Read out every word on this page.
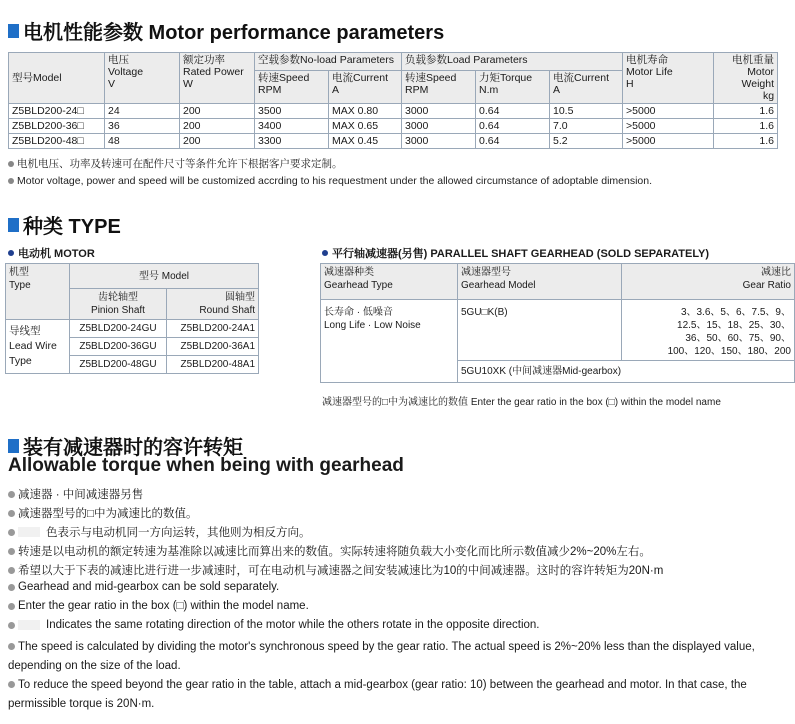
电机性能参数 Motor performance parameters
型号Model	电压
Voltage
V	额定功率
Rated Power
W	空载参数No-load Parameters		负载参数Load Parameters			电机寿命
Motor Life
H	电机重量
Motor Weight
kg
			转速Speed
RPM	电流Current
A	转速Speed
RPM	力矩Torque
N.m	电流Current
A		
Z5BLD200-24□	24	200	3500	MAX 0.80	3000	0.64	10.5	>5000	1.6
Z5BLD200-36□	36	200	3400	MAX 0.65	3000	0.64	7.0	>5000	1.6
Z5BLD200-48□	48	200	3300	MAX 0.45	3000	0.64	5.2	>5000	1.6
电机电压、功率及转速可在配件尺寸等条件允许下根据客户要求定制。
Motor voltage, power and speed will be customized accrding to his requestment under the allowed circumstance of adoptable dimension.
种类 TYPE
电动机 MOTOR
机型
Type	型号 Model	
	齿轮轴型
Pinion Shaft	圆轴型
Round Shaft
导线型
Lead Wire
Type	Z5BLD200-24GU	Z5BLD200-24A1
	Z5BLD200-36GU	Z5BLD200-36A1
	Z5BLD200-48GU	Z5BLD200-48A1
平行轴减速器(另售) PARALLEL SHAFT GEARHEAD (SOLD SEPARATELY)
减速器种类
Gearhead Type	减速器型号
Gearhead Model	减速比
Gear Ratio
长寿命 · 低噪音
Long Life · Low Noise	5GU□K(B)	3、3.6、5、6、7.5、9、
12.5、15、18、25、30、
36、50、60、75、90、
100、120、150、180、200
	5GU10XK (中间减速器Mid-gearbox)	
减速器型号的□中为减速比的数值 Enter the gear ratio in the box (□) within the model name
装有减速器时的容许转矩
Allowable torque when being with gearhead
减速器 · 中间减速器另售
减速器型号的□中为减速比的数值。
色表示与电动机同一方向运转，其他则为相反方向。
转速是以电动机的额定转速为基准除以减速比而算出来的数值。实际转速将随负载大小变化而比所示数值减少2%~20%左右。
希望以大于下表的减速比进行进一步减速时，可在电动机与减速器之间安装减速比为10的中间减速器。这时的容许转矩为20N·m
Gearhead and mid-gearbox can be sold separately.
Enter the gear ratio in the box (□) within the model name.
Indicates the same rotating direction of the motor while the others rotate in the opposite direction.
The speed is calculated by dividing the motor's synchronous speed by the gear ratio. The actual speed is 2%~20% less than the displayed value, depending on the size of the load.
To reduce the speed beyond the gear ratio in the table, attach a mid-gearbox (gear ratio: 10) between the gearhead and motor. In that case, the permissible torque is 20N·m.
